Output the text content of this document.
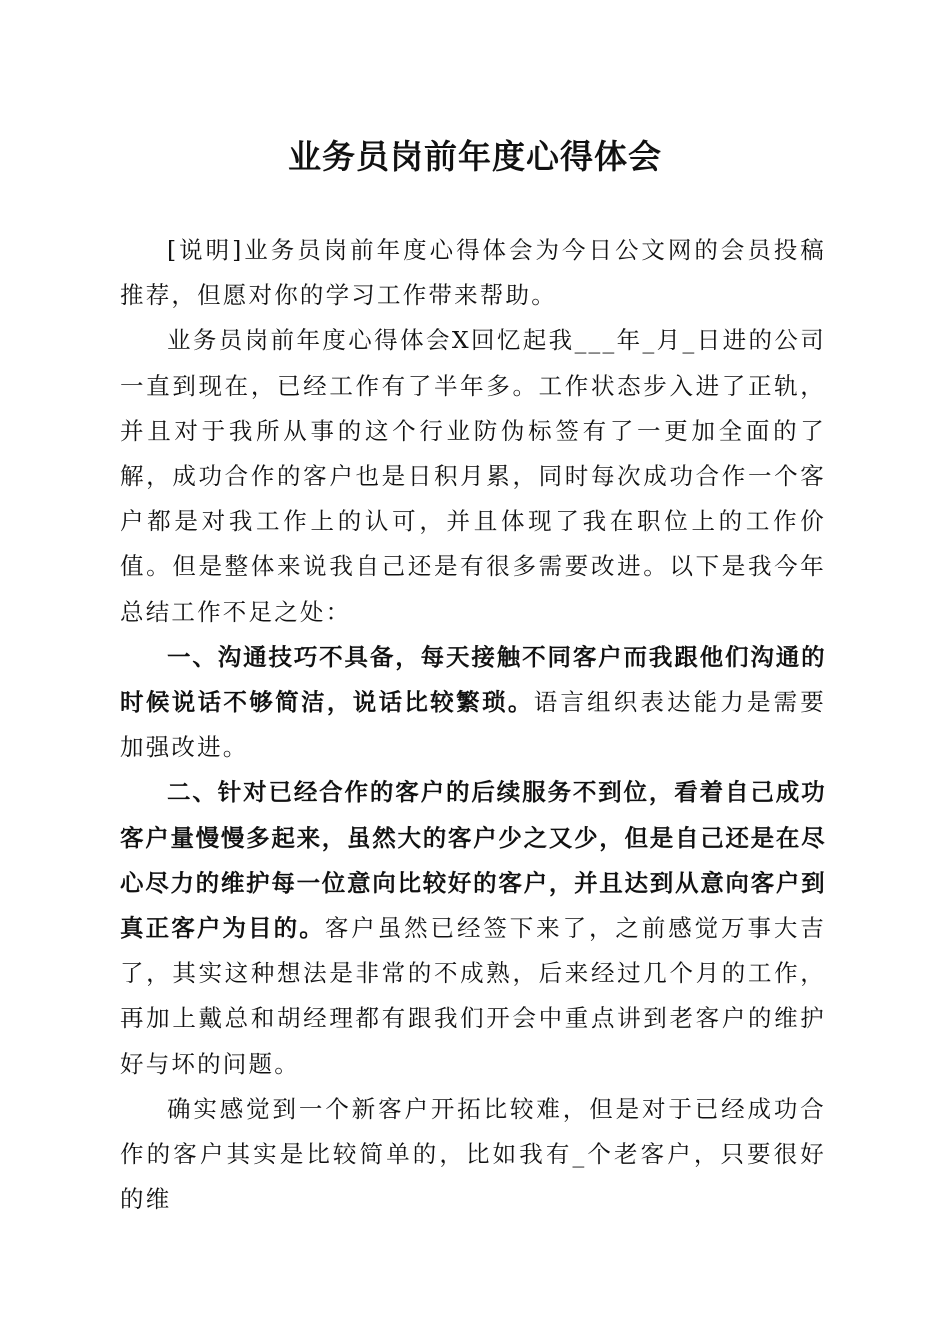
业务员岗前年度心得体会

[说明]业务员岗前年度心得体会为今日公文网的会员投稿推荐，但愿对你的学习工作带来帮助。

业务员岗前年度心得体会X回忆起我___年_月_日进的公司一直到现在，已经工作有了半年多。工作状态步入进了正轨，并且对于我所从事的这个行业防伪标签有了一更加全面的了解，成功合作的客户也是日积月累，同时每次成功合作一个客户都是对我工作上的认可，并且体现了我在职位上的工作价值。但是整体来说我自己还是有很多需要改进。以下是我今年总结工作不足之处：

一、沟通技巧不具备，每天接触不同客户而我跟他们沟通的时候说话不够简洁，说话比较繁琐。语言组织表达能力是需要加强改进。

二、针对已经合作的客户的后续服务不到位，看着自己成功客户量慢慢多起来，虽然大的客户少之又少，但是自己还是在尽心尽力的维护每一位意向比较好的客户，并且达到从意向客户到真正客户为目的。客户虽然已经签下来了，之前感觉万事大吉了，其实这种想法是非常的不成熟，后来经过几个月的工作，再加上戴总和胡经理都有跟我们开会中重点讲到老客户的维护好与坏的问题。

确实感觉到一个新客户开拓比较难，但是对于已经成功合作的客户其实是比较简单的，比如我有_个老客户，只要很好的维
